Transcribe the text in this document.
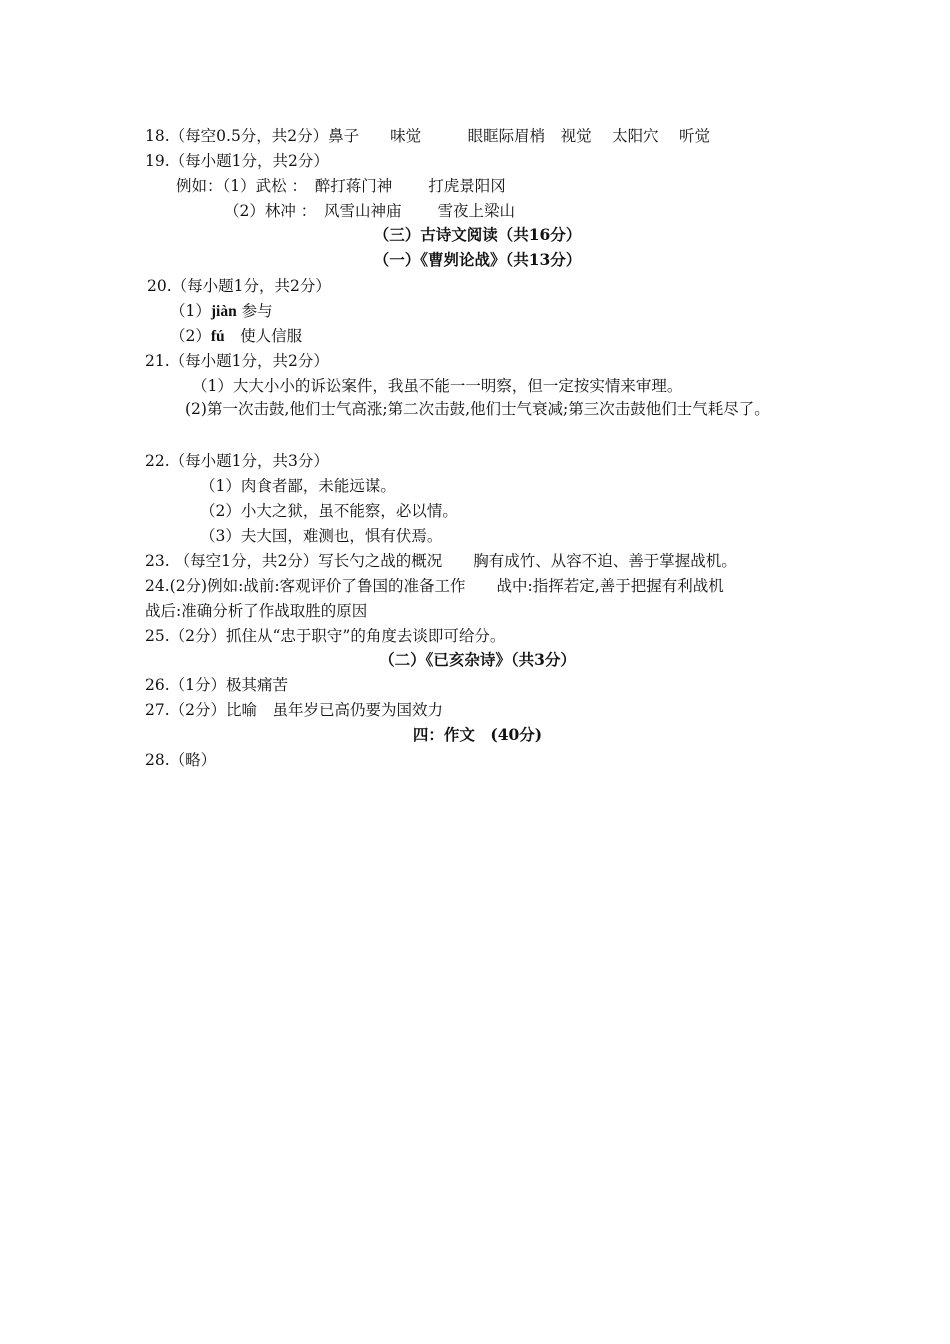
18.（每空0.5分，共2分）鼻子　　味觉　　　眼眶际眉梢　视觉　 太阳穴　 听觉
19.（每小题1分，共2分）
例如：（1）武松 ：　醉打蒋门神　　 打虎景阳冈
（2）林冲 ：　风雪山神庙　　 雪夜上梁山
（三）古诗文阅读（共16分）
（一）《曹刿论战》（共13分）
20.（每小题1分，共2分）
（1）jiàn 参与
（2）fú　使人信服
21.（每小题1分，共2分）
（1）大大小小的诉讼案件，我虽不能一一明察，但一定按实情来审理。
(2)第一次击鼓,他们士气高涨;第二次击鼓,他们士气衰减;第三次击鼓他们士气耗尽了。
22.（每小题1分，共3分）
（1）肉食者鄙，未能远谋。
（2）小大之狱，虽不能察，必以情。
（3）夫大国，难测也，惧有伏焉。
23. （每空1分，共2分）写长勺之战的概况　　胸有成竹、从容不迫、善于掌握战机。
24.(2分)例如:战前:客观评价了鲁国的准备工作　　战中:指挥若定,善于把握有利战机
战后:准确分析了作战取胜的原因
25.（2分）抓住从“忠于职守”的角度去谈即可给分。
（二）《已亥杂诗》（共3分）
26.（1分）极其痛苦
27.（2分）比喻　虽年岁已高仍要为国效力
四：作文　(40分)
28.（略）
